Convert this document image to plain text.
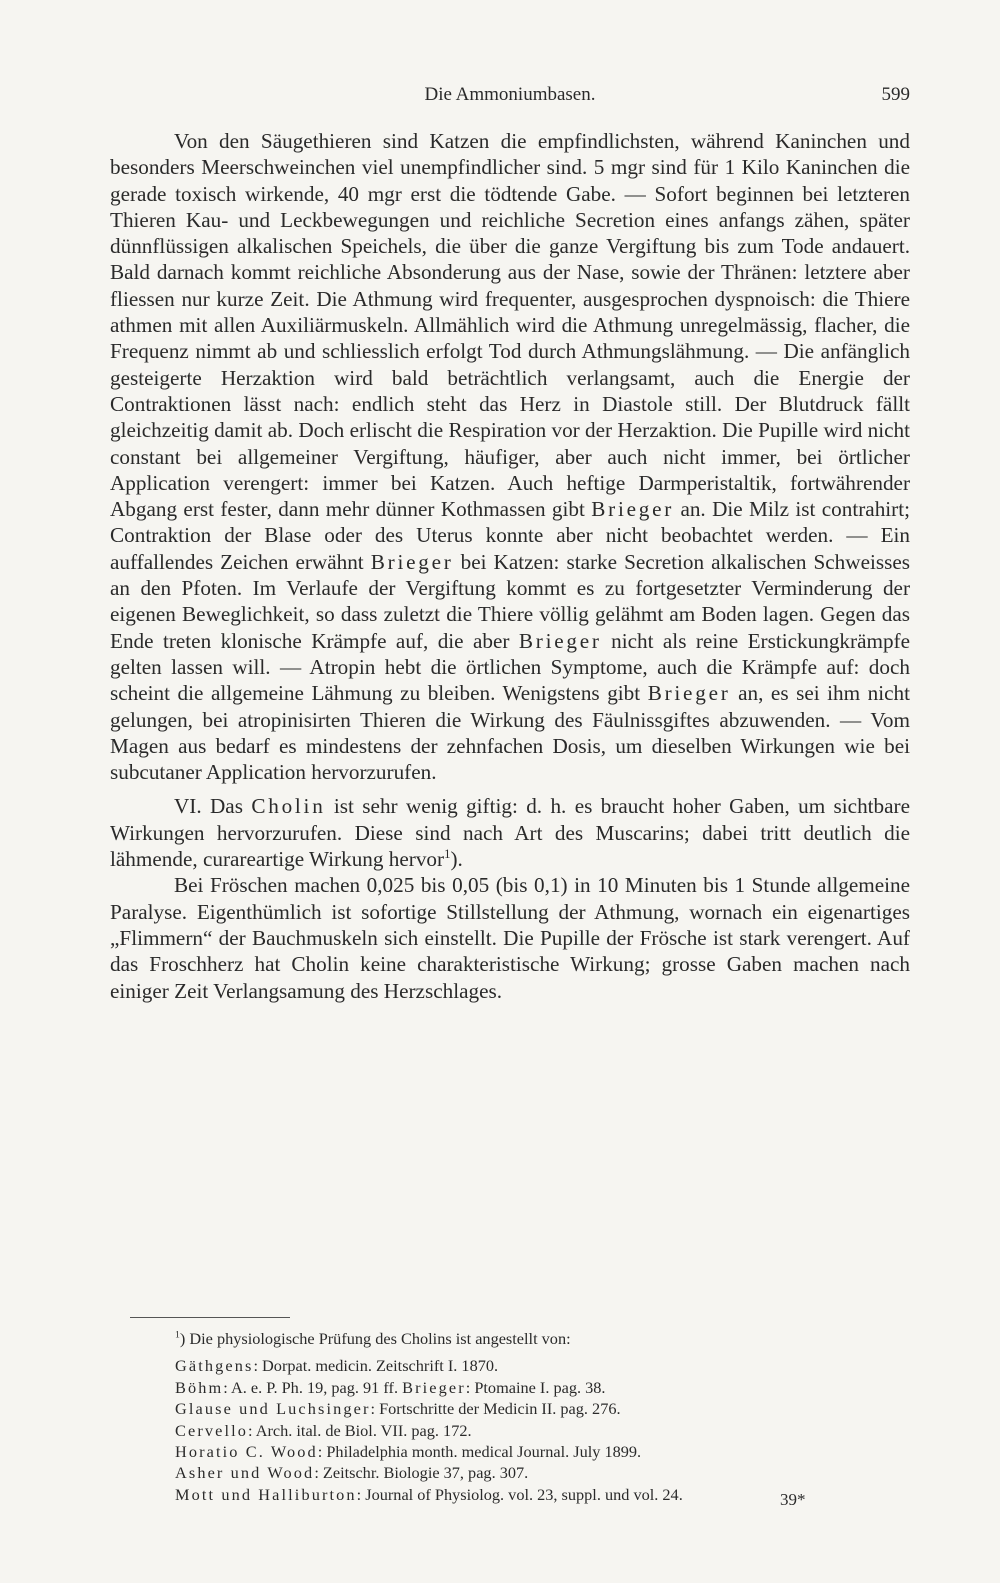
Die Ammoniumbasen.	599

Von den Säugethieren sind Katzen die empfindlichsten, während Kaninchen und besonders Meerschweinchen viel unempfindlicher sind. 5 mgr sind für 1 Kilo Kaninchen die gerade toxisch wirkende, 40 mgr erst die tödtende Gabe. — Sofort beginnen bei letzteren Thieren Kau- und Leckbewegungen und reichliche Secretion eines anfangs zähen, später dünnflüssigen alkalischen Speichels, die über die ganze Vergiftung bis zum Tode andauert. Bald darnach kommt reichliche Absonderung aus der Nase, sowie der Thränen: letztere aber fliessen nur kurze Zeit. Die Athmung wird frequenter, ausgesprochen dyspnoisch: die Thiere athmen mit allen Auxiliärmuskeln. Allmählich wird die Athmung unregelmässig, flacher, die Frequenz nimmt ab und schliesslich erfolgt Tod durch Athmungslähmung. — Die anfänglich gesteigerte Herzaktion wird bald beträchtlich verlangsamt, auch die Energie der Contraktionen lässt nach: endlich steht das Herz in Diastole still. Der Blutdruck fällt gleichzeitig damit ab. Doch erlischt die Respiration vor der Herzaktion. Die Pupille wird nicht constant bei allgemeiner Vergiftung, häufiger, aber auch nicht immer, bei örtlicher Application verengert: immer bei Katzen. Auch heftige Darmperistaltik, fortwährender Abgang erst fester, dann mehr dünner Kothmassen gibt Brieger an. Die Milz ist contrahirt; Contraktion der Blase oder des Uterus konnte aber nicht beobachtet werden. — Ein auffallendes Zeichen erwähnt Brieger bei Katzen: starke Secretion alkalischen Schweisses an den Pfoten. Im Verlaufe der Vergiftung kommt es zu fortgesetzter Verminderung der eigenen Beweglichkeit, so dass zuletzt die Thiere völlig gelähmt am Boden lagen. Gegen das Ende treten klonische Krämpfe auf, die aber Brieger nicht als reine Erstickungkrämpfe gelten lassen will. — Atropin hebt die örtlichen Symptome, auch die Krämpfe auf: doch scheint die allgemeine Lähmung zu bleiben. Wenigstens gibt Brieger an, es sei ihm nicht gelungen, bei atropinisirten Thieren die Wirkung des Fäulnissgiftes abzuwenden. — Vom Magen aus bedarf es mindestens der zehnfachen Dosis, um dieselben Wirkungen wie bei subcutaner Application hervorzurufen.

VI. Das Cholin ist sehr wenig giftig: d. h. es braucht hoher Gaben, um sichtbare Wirkungen hervorzurufen. Diese sind nach Art des Muscarins; dabei tritt deutlich die lähmende, curareartige Wirkung hervor$^1$).

Bei Fröschen machen 0,025 bis 0,05 (bis 0,1) in 10 Minuten bis 1 Stunde allgemeine Paralyse. Eigenthümlich ist sofortige Stillstellung der Athmung, wornach ein eigenartiges „Flimmern“ der Bauchmuskeln sich einstellt. Die Pupille der Frösche ist stark verengert. Auf das Froschherz hat Cholin keine charakteristische Wirkung; grosse Gaben machen nach einiger Zeit Verlangsamung des Herzschlages.

$^1$) Die physiologische Prüfung des Cholins ist angestellt von:

Gäthgens: Dorpat. medicin. Zeitschrift I. 1870.
Böhm: A. e. P. Ph. 19, pag. 91 ff. Brieger: Ptomaine I. pag. 38.
Glause und Luchsinger: Fortschritte der Medicin II. pag. 276.
Cervello: Arch. ital. de Biol. VII. pag. 172.
Horatio C. Wood: Philadelphia month. medical Journal. July 1899.
Asher und Wood: Zeitschr. Biologie 37, pag. 307.
Mott und Halliburton: Journal of Physiolog. vol. 23, suppl. und vol. 24.	39*
